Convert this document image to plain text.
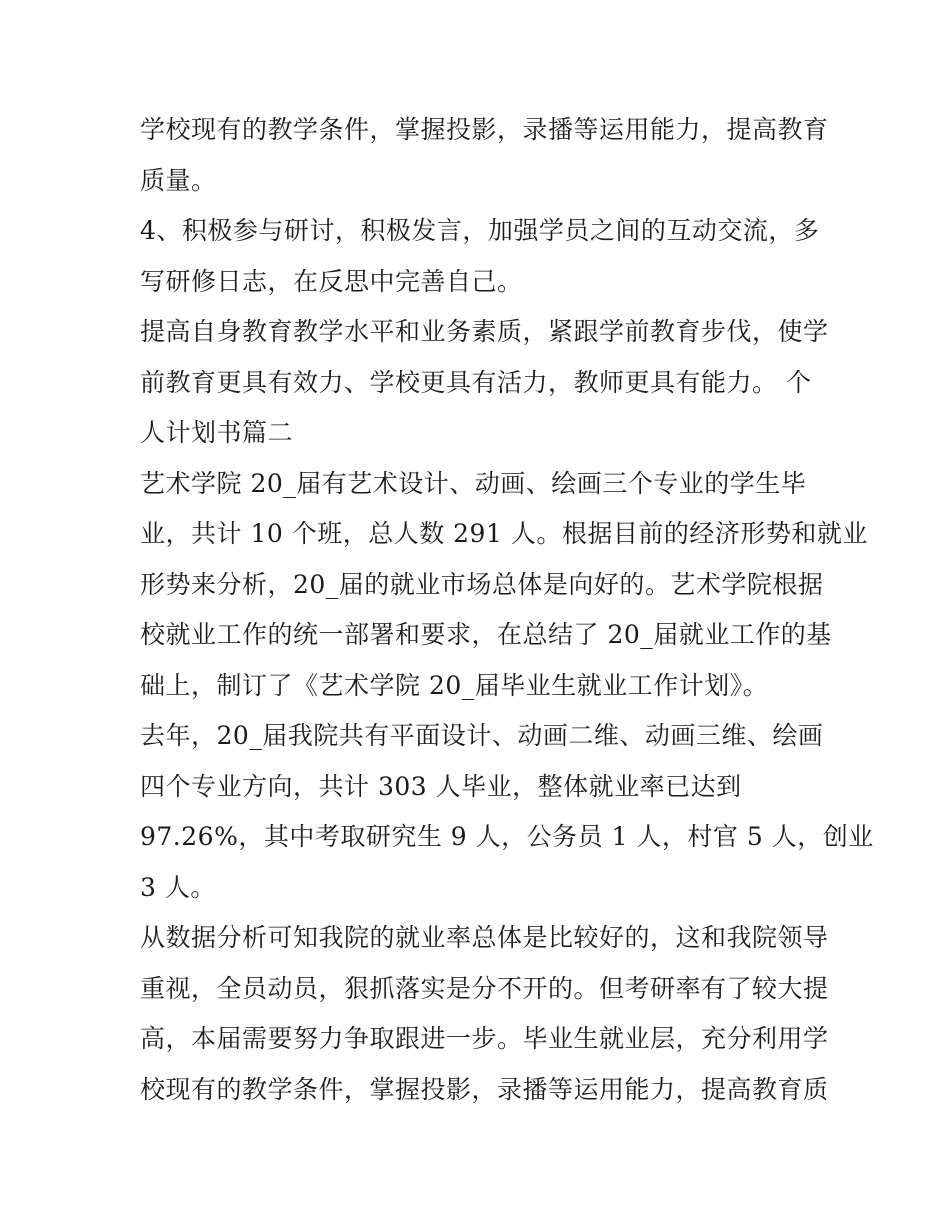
学校现有的教学条件，掌握投影，录播等运用能力，提高教育
质量。
4、积极参与研讨，积极发言，加强学员之间的互动交流，多
写研修日志，在反思中完善自己。
提高自身教育教学水平和业务素质，紧跟学前教育步伐，使学
前教育更具有效力、学校更具有活力，教师更具有能力。 个
人计划书篇二
艺术学院 20_届有艺术设计、动画、绘画三个专业的学生毕
业，共计 10 个班，总人数 291 人。根据目前的经济形势和就业
形势来分析，20_届的就业市场总体是向好的。艺术学院根据
校就业工作的统一部署和要求，在总结了 20_届就业工作的基
础上，制订了《艺术学院 20_届毕业生就业工作计划》。
去年，20_届我院共有平面设计、动画二维、动画三维、绘画
四个专业方向，共计 303 人毕业，整体就业率已达到
97.26%，其中考取研究生 9 人，公务员 1 人，村官 5 人，创业
3 人。
从数据分析可知我院的就业率总体是比较好的，这和我院领导
重视，全员动员，狠抓落实是分不开的。但考研率有了较大提
高，本届需要努力争取跟进一步。毕业生就业层，充分利用学
校现有的教学条件，掌握投影，录播等运用能力，提高教育质
